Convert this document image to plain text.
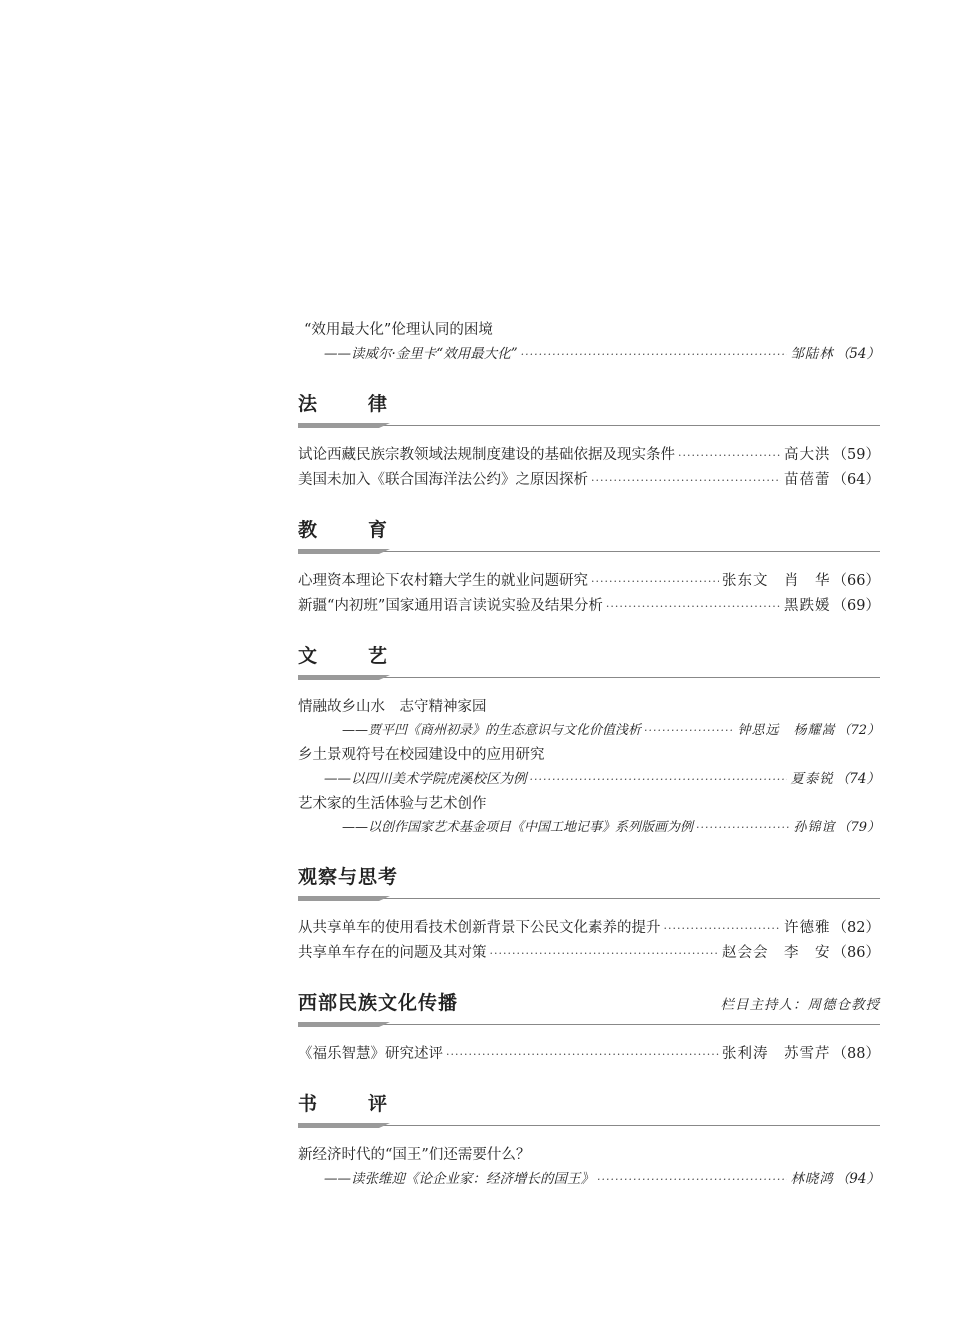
“效用最大化”伦理认同的困境
——读威尔·金里卡“效用最大化” ·····	邹陆林 （54）
法　律
试论西藏民族宗教领域法规制度建设的基础依据及现实条件 ·····	高大洪 （59）
美国未加入《联合国海洋法公约》之原因探析 ·····	苗蓓蕾 （64）
教　育
心理资本理论下农村籍大学生的就业问题研究 ·····	张东文　肖　华 （66）
新疆“内初班”国家通用语言读说实验及结果分析 ·····	黑跌媛 （69）
文　艺
情融故乡山水　志守精神家园
——贾平凹《商州初录》的生态意识与文化价值浅析 ·····	钟思远　杨耀嵩 （72）
乡土景观符号在校园建设中的应用研究
——以四川美术学院虎溪校区为例 ·····	夏泰锐 （74）
艺术家的生活体验与艺术创作
——以创作国家艺术基金项目《中国工地记事》系列版画为例 ·····	孙锦谊 （79）
观察与思考
从共享单车的使用看技术创新背景下公民文化素养的提升 ·····	许德雅 （82）
共享单车存在的问题及其对策 ·····	赵会会　李　安 （86）
西部民族文化传播	栏目主持人：周德仓教授
《福乐智慧》研究述评 ·····	张利涛　苏雪芹 （88）
书　评
新经济时代的“国王”们还需要什么？
——读张维迎《论企业家：经济增长的国王》 ·····	林晓鸿 （94）
